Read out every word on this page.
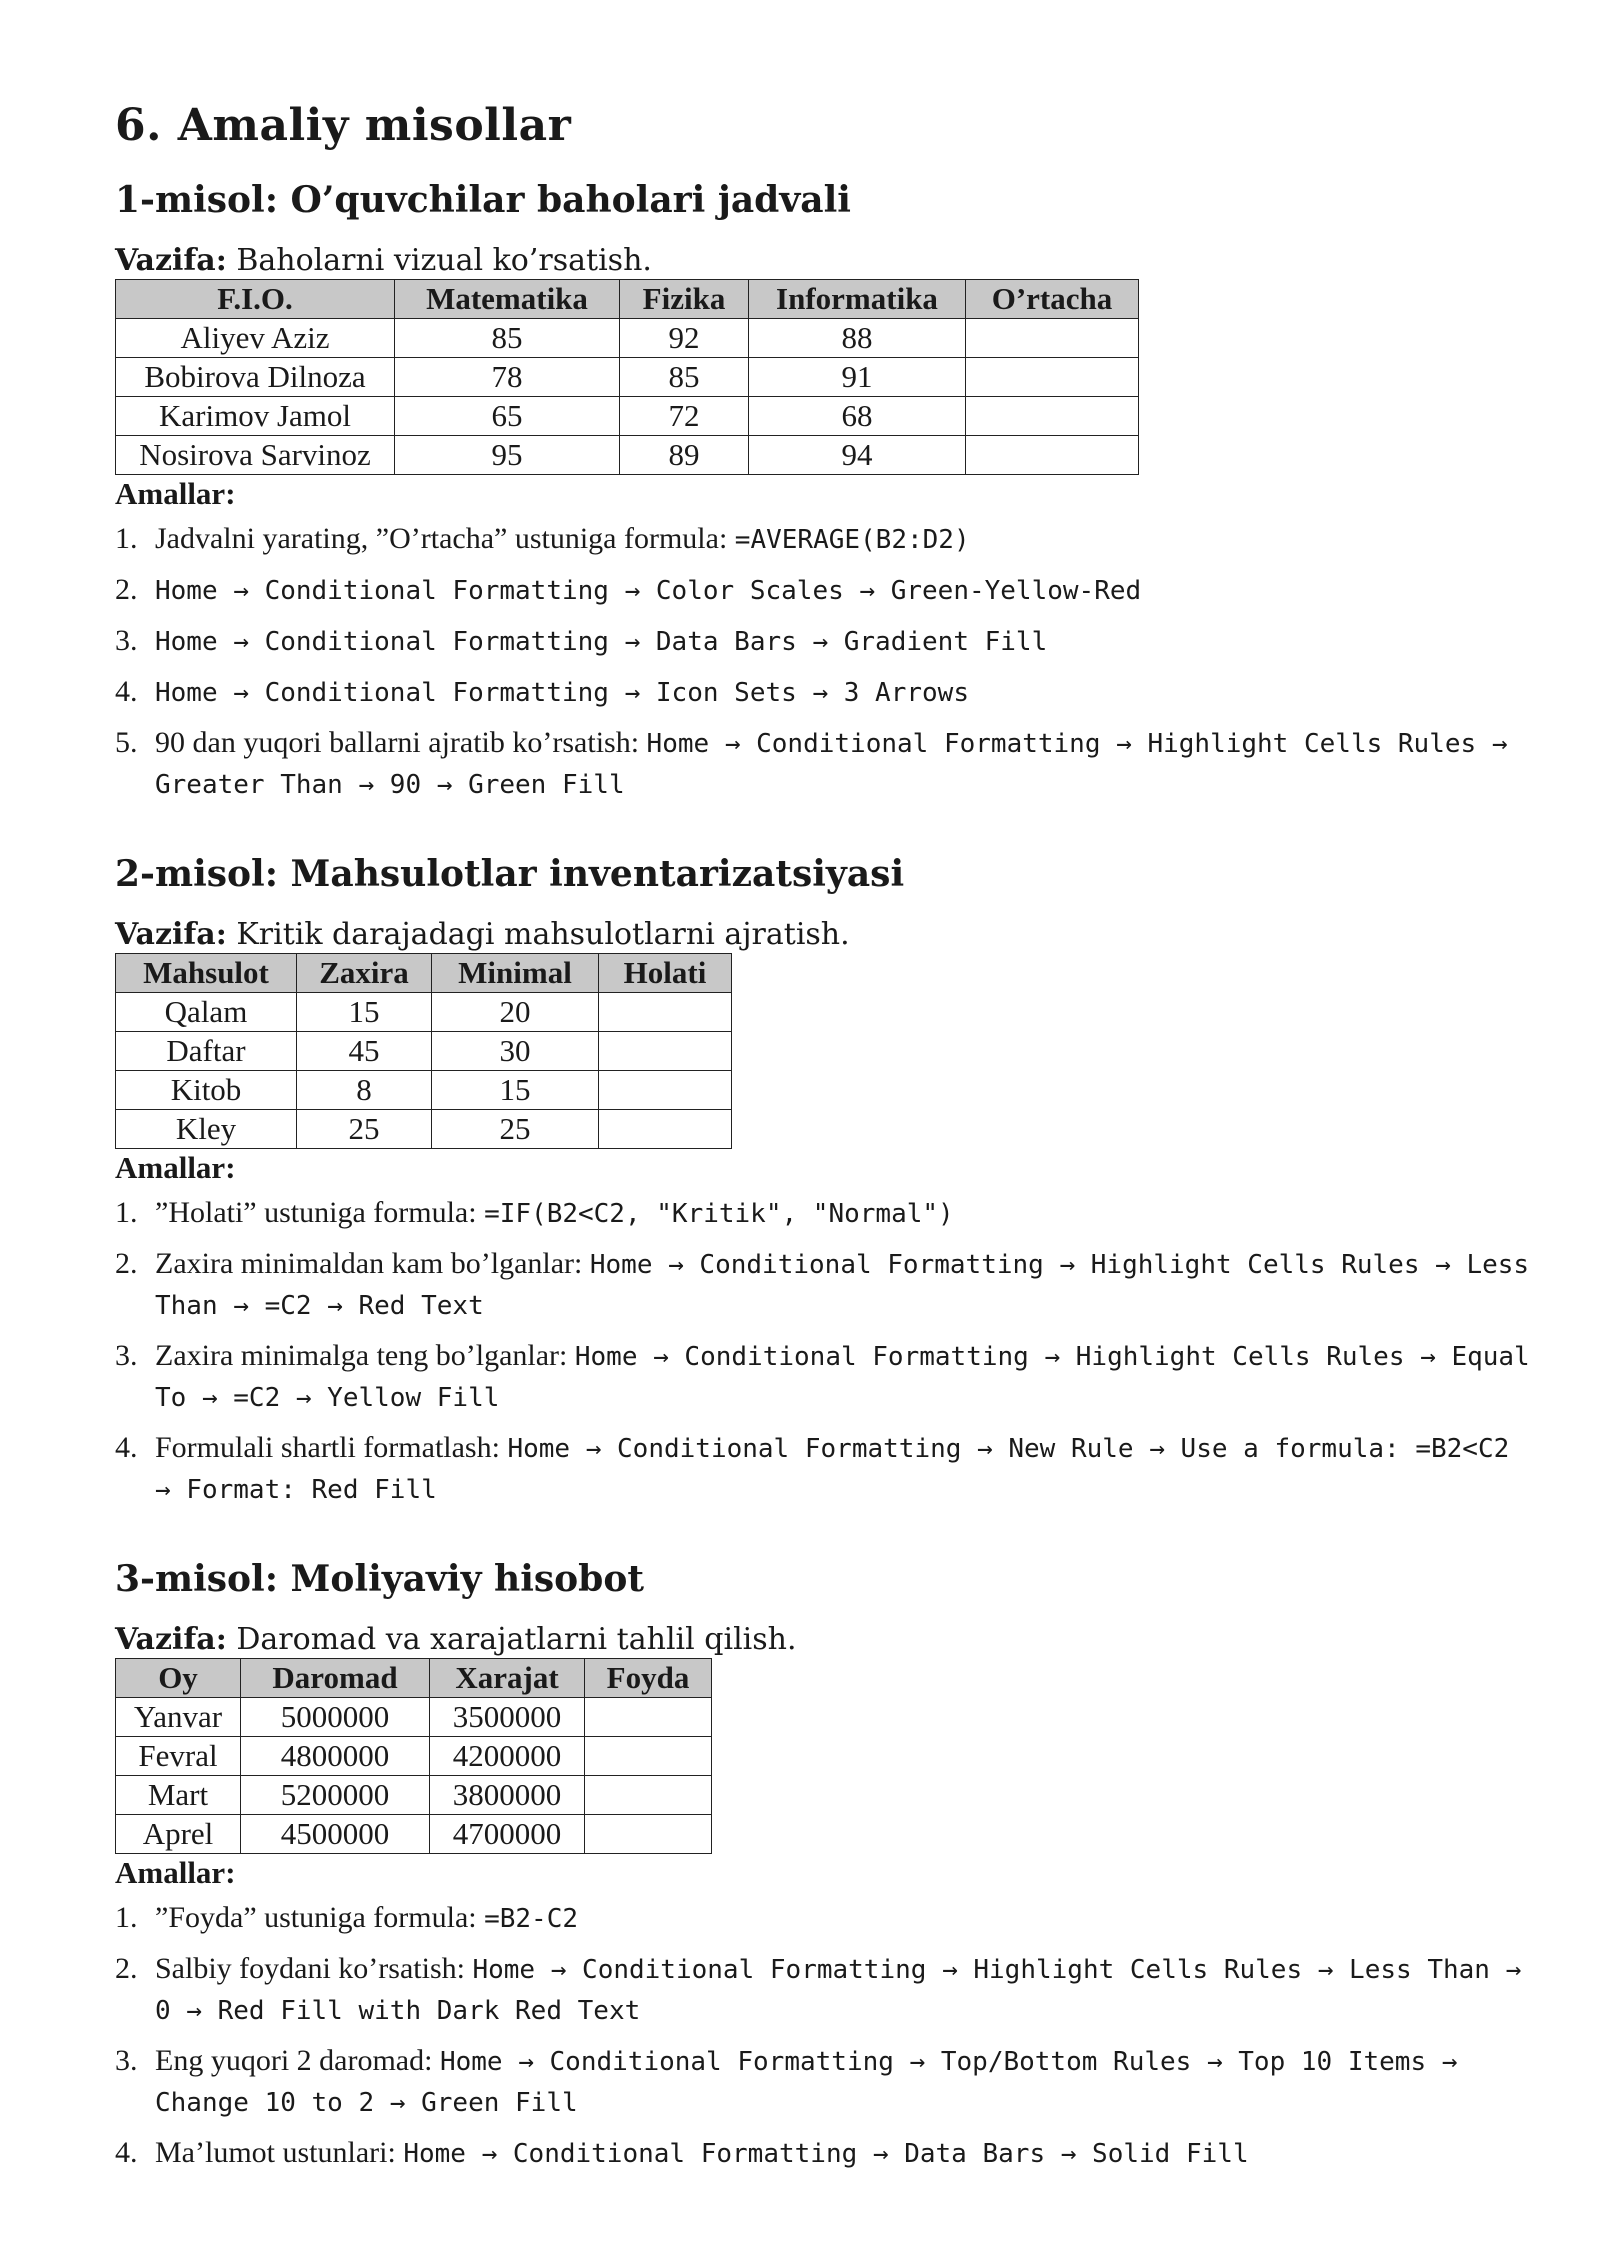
6. Amaliy misollar
1-misol: O’quvchilar baholari jadvali

Vazifa: Baholarni vizual ko’rsatish.

F.I.O.	Matematika	Fizika	Informatika	O’rtacha
Aliyev Aziz	85	92	88	
Bobirova Dilnoza	78	85	91	
Karimov Jamol	65	72	68	
Nosirova Sarvinoz	95	89	94	

Amallar:

1. Jadvalni yarating, ”O’rtacha” ustuniga formula: =AVERAGE(B2:D2)
2. Home → Conditional Formatting → Color Scales → Green-Yellow-Red
3. Home → Conditional Formatting → Data Bars → Gradient Fill
4. Home → Conditional Formatting → Icon Sets → 3 Arrows
5. 90 dan yuqori ballarni ajratib ko’rsatish: Home → Conditional Formatting → Highlight Cells Rules → Greater Than → 90 → Green Fill
2-misol: Mahsulotlar inventarizatsiyasi

Vazifa: Kritik darajadagi mahsulotlarni ajratish.

Mahsulot	Zaxira	Minimal	Holati
Qalam	15	20	
Daftar	45	30	
Kitob	8	15	
Kley	25	25	

Amallar:

1. ”Holati” ustuniga formula: =IF(B2<C2, "Kritik", "Normal")
2. Zaxira minimaldan kam bo’lganlar: Home → Conditional Formatting → Highlight Cells Rules → Less Than → =C2 → Red Text
3. Zaxira minimalga teng bo’lganlar: Home → Conditional Formatting → Highlight Cells Rules → Equal To → =C2 → Yellow Fill
4. Formulali shartli formatlash: Home → Conditional Formatting → New Rule → Use a formula: =B2<C2 → Format: Red Fill
3-misol: Moliyaviy hisobot

Vazifa: Daromad va xarajatlarni tahlil qilish.

Oy	Daromad	Xarajat	Foyda
Yanvar	5000000	3500000	
Fevral	4800000	4200000	
Mart	5200000	3800000	
Aprel	4500000	4700000	

Amallar:

1. ”Foyda” ustuniga formula: =B2-C2
2. Salbiy foydani ko’rsatish: Home → Conditional Formatting → Highlight Cells Rules → Less Than → 0 → Red Fill with Dark Red Text
3. Eng yuqori 2 daromad: Home → Conditional Formatting → Top/Bottom Rules → Top 10 Items → Change 10 to 2 → Green Fill
4. Ma’lumot ustunlari: Home → Conditional Formatting → Data Bars → Solid Fill
